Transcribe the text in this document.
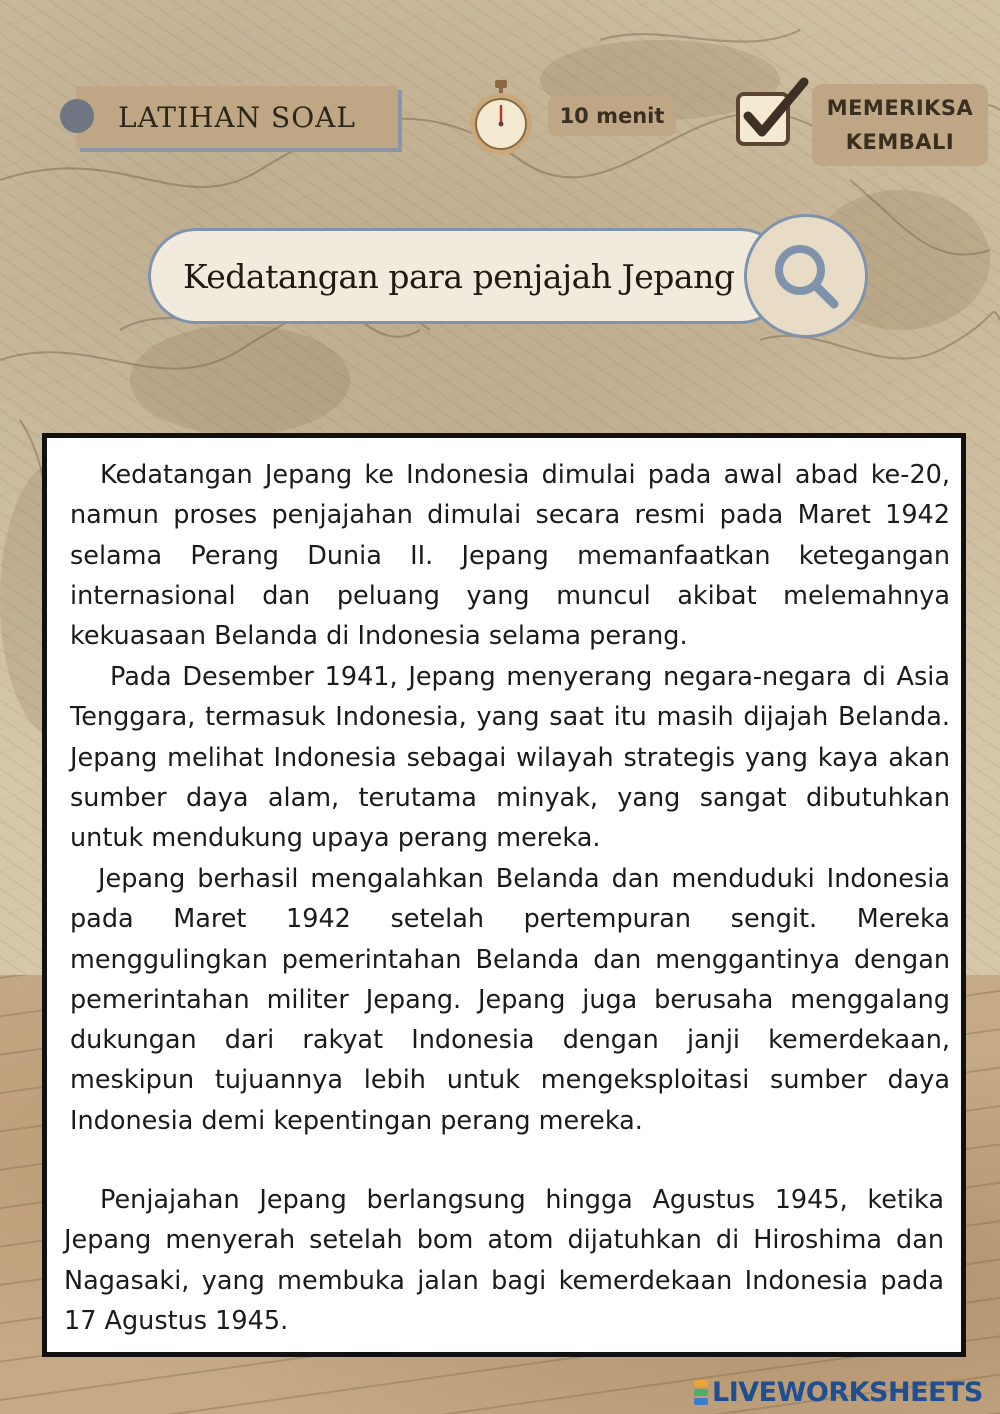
LATIHAN SOAL	10 menit	MEMERIKSA
KEMBALI
Kedatangan para penjajah Jepang

Kedatangan Jepang ke Indonesia dimulai pada awal abad ke-20, namun proses penjajahan dimulai secara resmi pada Maret 1942 selama Perang Dunia II. Jepang memanfaatkan ketegangan internasional dan peluang yang muncul akibat melemahnya kekuasaan Belanda di Indonesia selama perang.

Pada Desember 1941, Jepang menyerang negara-negara di Asia Tenggara, termasuk Indonesia, yang saat itu masih dijajah Belanda. Jepang melihat Indonesia sebagai wilayah strategis yang kaya akan sumber daya alam, terutama minyak, yang sangat dibutuhkan untuk mendukung upaya perang mereka.

Jepang berhasil mengalahkan Belanda dan menduduki Indonesia pada Maret 1942 setelah pertempuran sengit. Mereka menggulingkan pemerintahan Belanda dan menggantinya dengan pemerintahan militer Jepang. Jepang juga berusaha menggalang dukungan dari rakyat Indonesia dengan janji kemerdekaan, meskipun tujuannya lebih untuk mengeksploitasi sumber daya Indonesia demi kepentingan perang mereka.

Penjajahan Jepang berlangsung hingga Agustus 1945, ketika Jepang menyerah setelah bom atom dijatuhkan di Hiroshima dan Nagasaki, yang membuka jalan bagi kemerdekaan Indonesia pada 17 Agustus 1945.

LIVEWORKSHEETS
